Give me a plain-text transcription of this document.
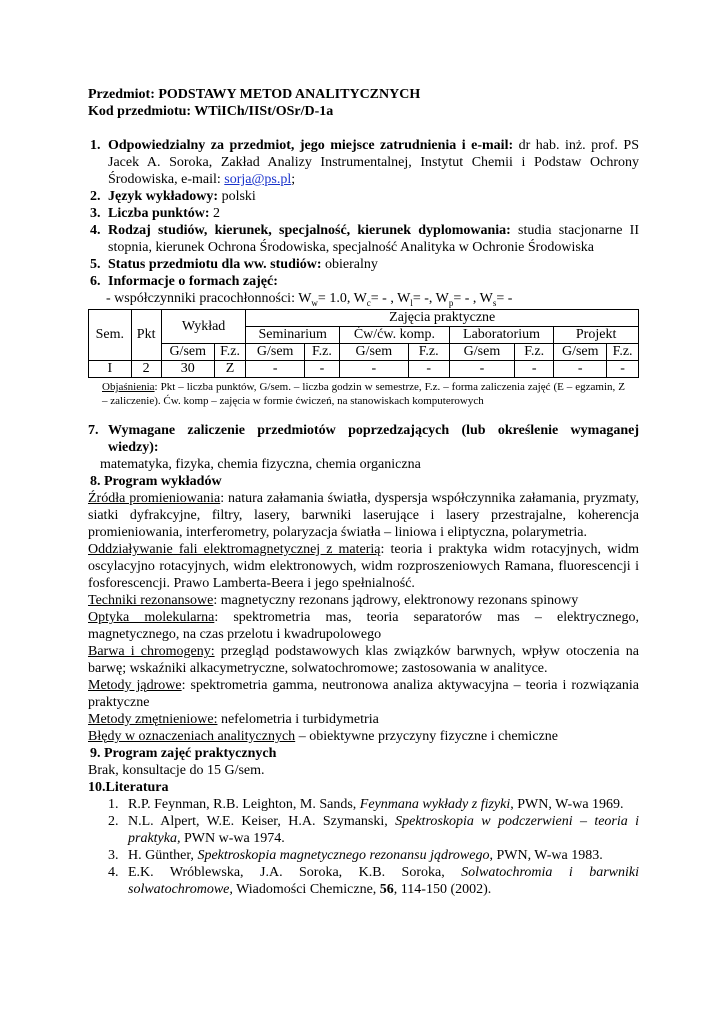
Przedmiot: PODSTAWY METOD ANALITYCZNYCH
Kod przedmiotu: WTiICh/IISt/OSr/D-1a
1. Odpowiedzialny za przedmiot, jego miejsce zatrudnienia i e-mail: dr hab. inż. prof. PS Jacek A. Soroka, Zakład Analizy Instrumentalnej, Instytut Chemii i Podstaw Ochrony Środowiska, e-mail: sorja@ps.pl;
2. Język wykładowy: polski
3. Liczba punktów: 2
4. Rodzaj studiów, kierunek, specjalność, kierunek dyplomowania: studia stacjonarne II stopnia, kierunek Ochrona Środowiska, specjalność Analityka w Ochronie Środowiska
5. Status przedmiotu dla ww. studiów: obieralny
6. Informacje o formach zajęć:
- współczynniki pracochłonności: $W_w= 1.0$, $W_c=$ - , $W_l=$ -, $W_p=$ - , $W_s=$ -
Sem.	Pkt	Wykład		Zajęcia praktyczne							
				Seminarium		Ćw/ćw. komp.		Laboratorium		Projekt	
		G/sem	F.z.	G/sem	F.z.	G/sem	F.z.	G/sem	F.z.	G/sem	F.z.
I	2	30	Z	-	-	-	-	-	-	-	-
Objaśnienia: Pkt – liczba punktów, G/sem. – liczba godzin w semestrze, F.z. – forma zaliczenia zajęć (E – egzamin, Z – zaliczenie). Ćw. komp – zajęcia w formie ćwiczeń, na stanowiskach komputerowych
7. Wymagane zaliczenie przedmiotów poprzedzających (lub określenie wymaganej wiedzy):
matematyka, fizyka, chemia fizyczna, chemia organiczna
8. Program wykładów
Źródła promieniowania: natura załamania światła, dyspersja współczynnika załamania, pryzmaty, siatki dyfrakcyjne, filtry, lasery, barwniki laserujące i lasery przestrajalne, koherencja promieniowania, interferometry, polaryzacja światła – liniowa i eliptyczna, polarymetria.
Oddziaływanie fali elektromagnetycznej z materią: teoria i praktyka widm rotacyjnych, widm oscylacyjno rotacyjnych, widm elektronowych, widm rozproszeniowych Ramana, fluorescencji i fosforescencji. Prawo Lamberta-Beera i jego spełnialność.
Techniki rezonansowe: magnetyczny rezonans jądrowy, elektronowy rezonans spinowy
Optyka molekularna: spektrometria mas, teoria separatorów mas – elektrycznego, magnetycznego, na czas przelotu i kwadrupolowego
Barwa i chromogeny: przegląd podstawowych klas związków barwnych, wpływ otoczenia na barwę; wskaźniki alkacymetryczne, solwatochromowe; zastosowania w analityce.
Metody jądrowe: spektrometria gamma, neutronowa analiza aktywacyjna – teoria i rozwiązania praktyczne
Metody zmętnieniowe: nefelometria i turbidymetria
Błędy w oznaczeniach analitycznych – obiektywne przyczyny fizyczne i chemiczne
9. Program zajęć praktycznych
Brak, konsultacje do 15 G/sem.
10.Literatura
1. R.P. Feynman, R.B. Leighton, M. Sands, Feynmana wykłady z fizyki, PWN, W-wa 1969.
2. N.L. Alpert, W.E. Keiser, H.A. Szymanski, Spektroskopia w podczerwieni – teoria i praktyka, PWN w-wa 1974.
3. H. Günther, Spektroskopia magnetycznego rezonansu jądrowego, PWN, W-wa 1983.
4. E.K. Wróblewska, J.A. Soroka, K.B. Soroka, Solwatochromia i barwniki solwatochromowe, Wiadomości Chemiczne, 56, 114-150 (2002).
